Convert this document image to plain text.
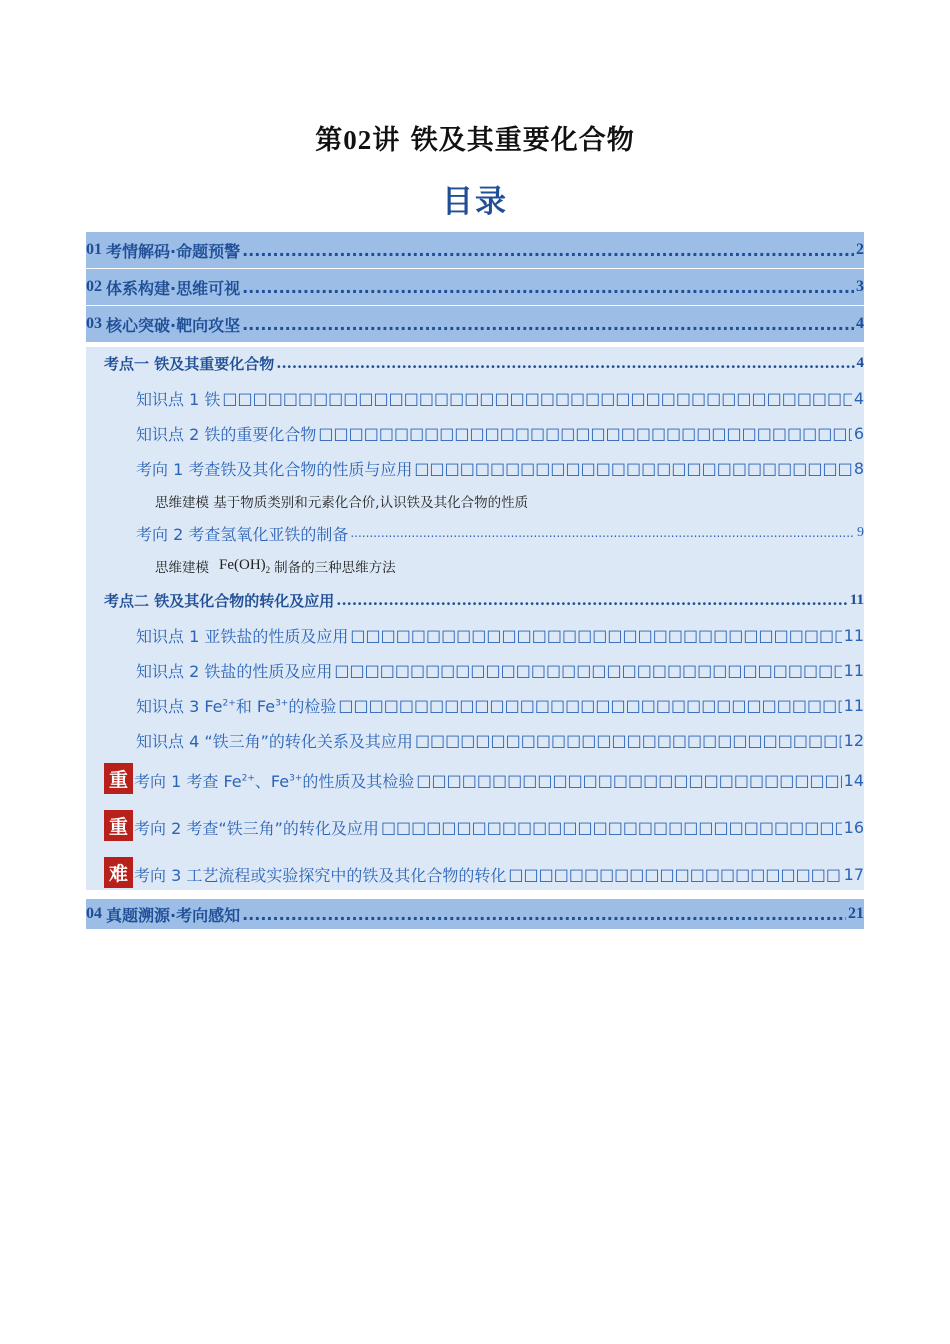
第02讲 铁及其重要化合物
目录
01 考情解码·命题预警 .....	2
02 体系构建·思维可视 .....	3
03 核心突破·靶向攻坚 .....	4
考点一 铁及其重要化合物 .....	4
知识点 1 铁 □□□□□□□□□□□□□□□□□□□□□□□□□□□□□□□□□□□□□□□□□□□□□□□□□□□□□□□□□□□□□□□□□□□□□□□□□□□□□□□□□□□□□□□□	4
知识点 2 铁的重要化合物 □□□□□□□□□□□□□□□□□□□□□□□□□□□□□□□□□□□□□□□□□□□□□□□□□□□□□□□□□□□□□□□□□□□□□□□□□□□□□□□□□□□□□□□□	6
考向 1 考查铁及其化合物的性质与应用 □□□□□□□□□□□□□□□□□□□□□□□□□□□□□□□□□□□□□□□□□□□□□□□□□□□□□□□□□□□□□□□□□□□□□□□□□□□□□□□□□□□□□□□□	8
思维建模 基于物质类别和元素化合价,认识铁及其化合物的性质
考向 2 考查氢氧化亚铁的制备 .....	9
思维建模 $Fe(OH)_2$ 制备的三种思维方法
考点二 铁及其化合物的转化及应用 .....	11
知识点 1 亚铁盐的性质及应用 □□□□□□□□□□□□□□□□□□□□□□□□□□□□□□□□□□□□□□□□□□□□□□□□□□□□□□□□□□□□□□□□□□□□□□□□□□□□□□□□□□□□□□□□	11
知识点 2 铁盐的性质及应用 □□□□□□□□□□□□□□□□□□□□□□□□□□□□□□□□□□□□□□□□□□□□□□□□□□□□□□□□□□□□□□□□□□□□□□□□□□□□□□□□□□□□□□□□	11
知识点 3 $Fe^{2+}$和 $Fe^{3+}$的检验 □□□□□□□□□□□□□□□□□□□□□□□□□□□□□□□□□□□□□□□□□□□□□□□□□□□□□□□□□□□□□□□□□□□□□□□□□□□□□□□□□□□□□□□□	11
知识点 4 “铁三角”的转化关系及其应用 □□□□□□□□□□□□□□□□□□□□□□□□□□□□□□□□□□□□□□□□□□□□□□□□□□□□□□□□□□□□□□□□□□□□□□□□□□□□□□□□□□□□□□□□	12
重 考向 1 考查 $Fe^{2+}$、$Fe^{3+}$的性质及其检验 □□□□□□□□□□□□□□□□□□□□□□□□□□□□□□□□□□□□□□□□□□□□□□□□□□□□□□□□□□□□□□□□□□□□□□□□□□□□□□□□□□□□□□□□	14
重 考向 2 考查“铁三角”的转化及应用 □□□□□□□□□□□□□□□□□□□□□□□□□□□□□□□□□□□□□□□□□□□□□□□□□□□□□□□□□□□□□□□□□□□□□□□□□□□□□□□□□□□□□□□□	16
难 考向 3 工艺流程或实验探究中的铁及其化合物的转化 □□□□□□□□□□□□□□□□□□□□□□□□□□□□□□□□□□□□□□□□□□□□□□□□□□□□□□□□□□□□□□□□□□□□□□□□□□□□□□□□□□□□□□□□	17
04 真题溯源·考向感知 .....	21
